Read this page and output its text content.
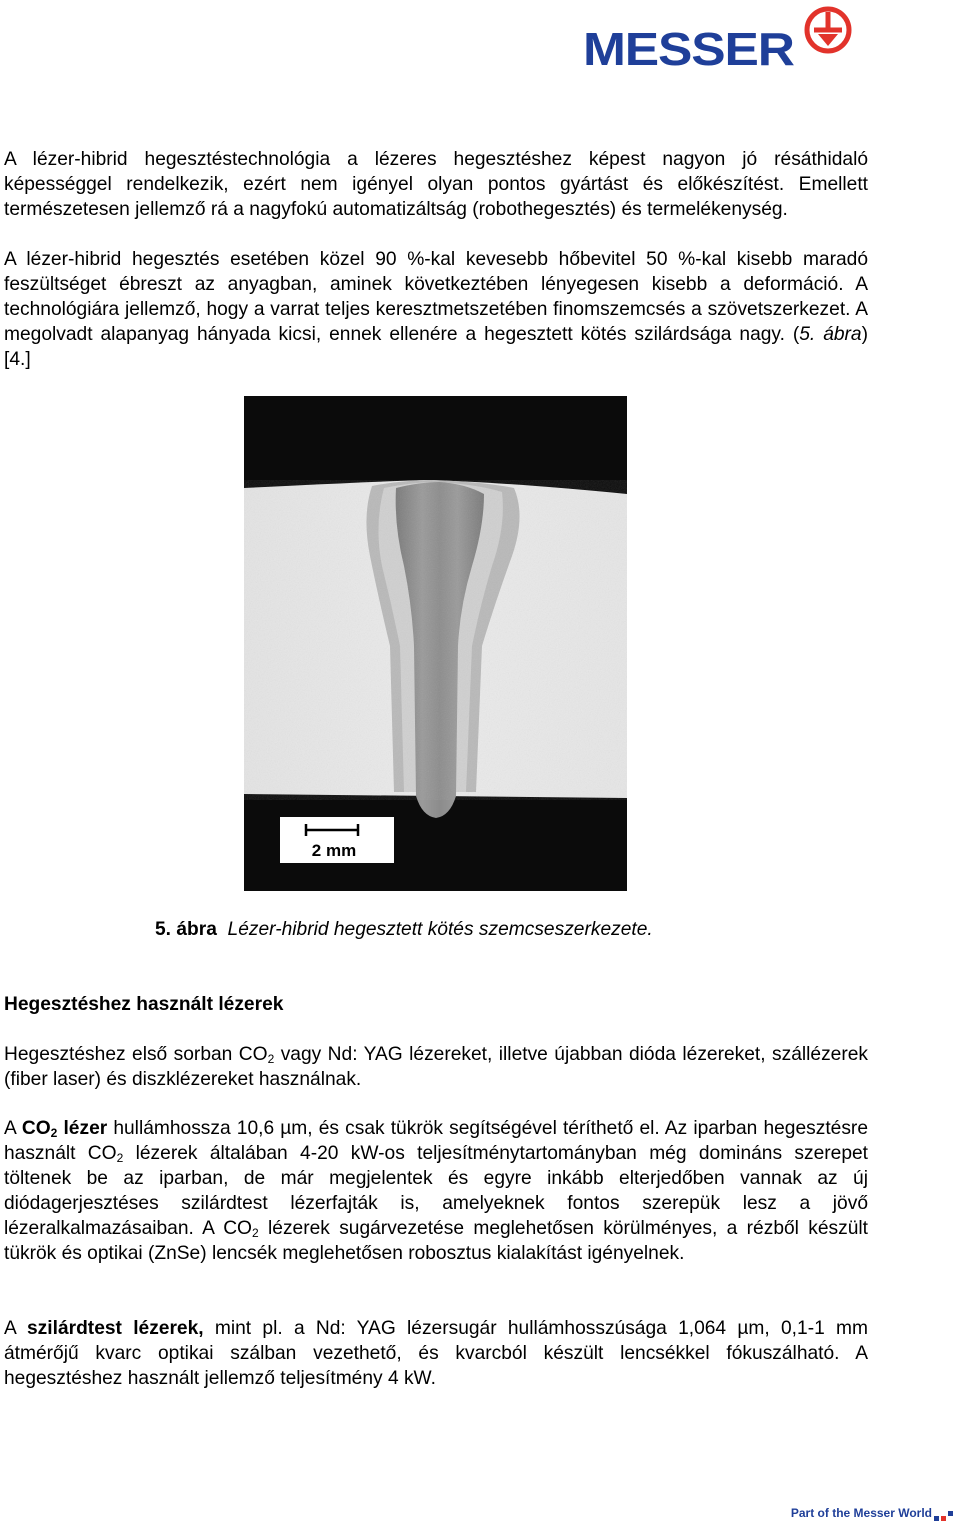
MESSER

A lézer-hibrid hegesztéstechnológia a lézeres hegesztéshez képest nagyon jó résáthidaló képességgel rendelkezik, ezért nem igényel olyan pontos gyártást és előkészítést. Emellett természetesen jellemző rá a nagyfokú automatizáltság (robothegesztés) és termelékenység.

A lézer-hibrid hegesztés esetében közel 90 %-kal kevesebb hőbevitel 50 %-kal kisebb maradó feszültséget ébreszt az anyagban, aminek következtében lényegesen kisebb a deformáció. A technológiára jellemző, hogy a varrat teljes keresztmetszetében finomszemcsés a szövetszerkezet. A megolvadt alapanyag hányada kicsi, ennek ellenére a hegesztett kötés szilárdsága nagy. (5. ábra) [4.]

2 mm
5. ábra Lézer-hibrid hegesztett kötés szemcseszerkezete.
Hegesztéshez használt lézerek

Hegesztéshez első sorban $CO_2$ vagy Nd: YAG lézereket, illetve újabban dióda lézereket, szállézerek (fiber laser) és diszklézereket használnak.

A $CO_2$ lézer hullámhossza 10,6 µm, és csak tükrök segítségével téríthető el. Az iparban hegesztésre használt $CO_2$ lézerek általában 4-20 kW-os teljesítménytartományban még domináns szerepet töltenek be az iparban, de már megjelentek és egyre inkább elterjedőben vannak az új diódagerjesztéses szilárdtest lézerfajták is, amelyeknek fontos szerepük lesz a jövő lézeralkalmazásaiban. A $CO_2$ lézerek sugárvezetése meglehetősen körülményes, a rézből készült tükrök és optikai (ZnSe) lencsék meglehetősen robosztus kialakítást igényelnek.

A szilárdtest lézerek, mint pl. a Nd: YAG lézersugár hullámhosszúsága 1,064 µm, 0,1-1 mm átmérőjű kvarc optikai szálban vezethető, és kvarcból készült lencsékkel fókuszálható. A hegesztéshez használt jellemző teljesítmény 4 kW.

Part of the Messer World
